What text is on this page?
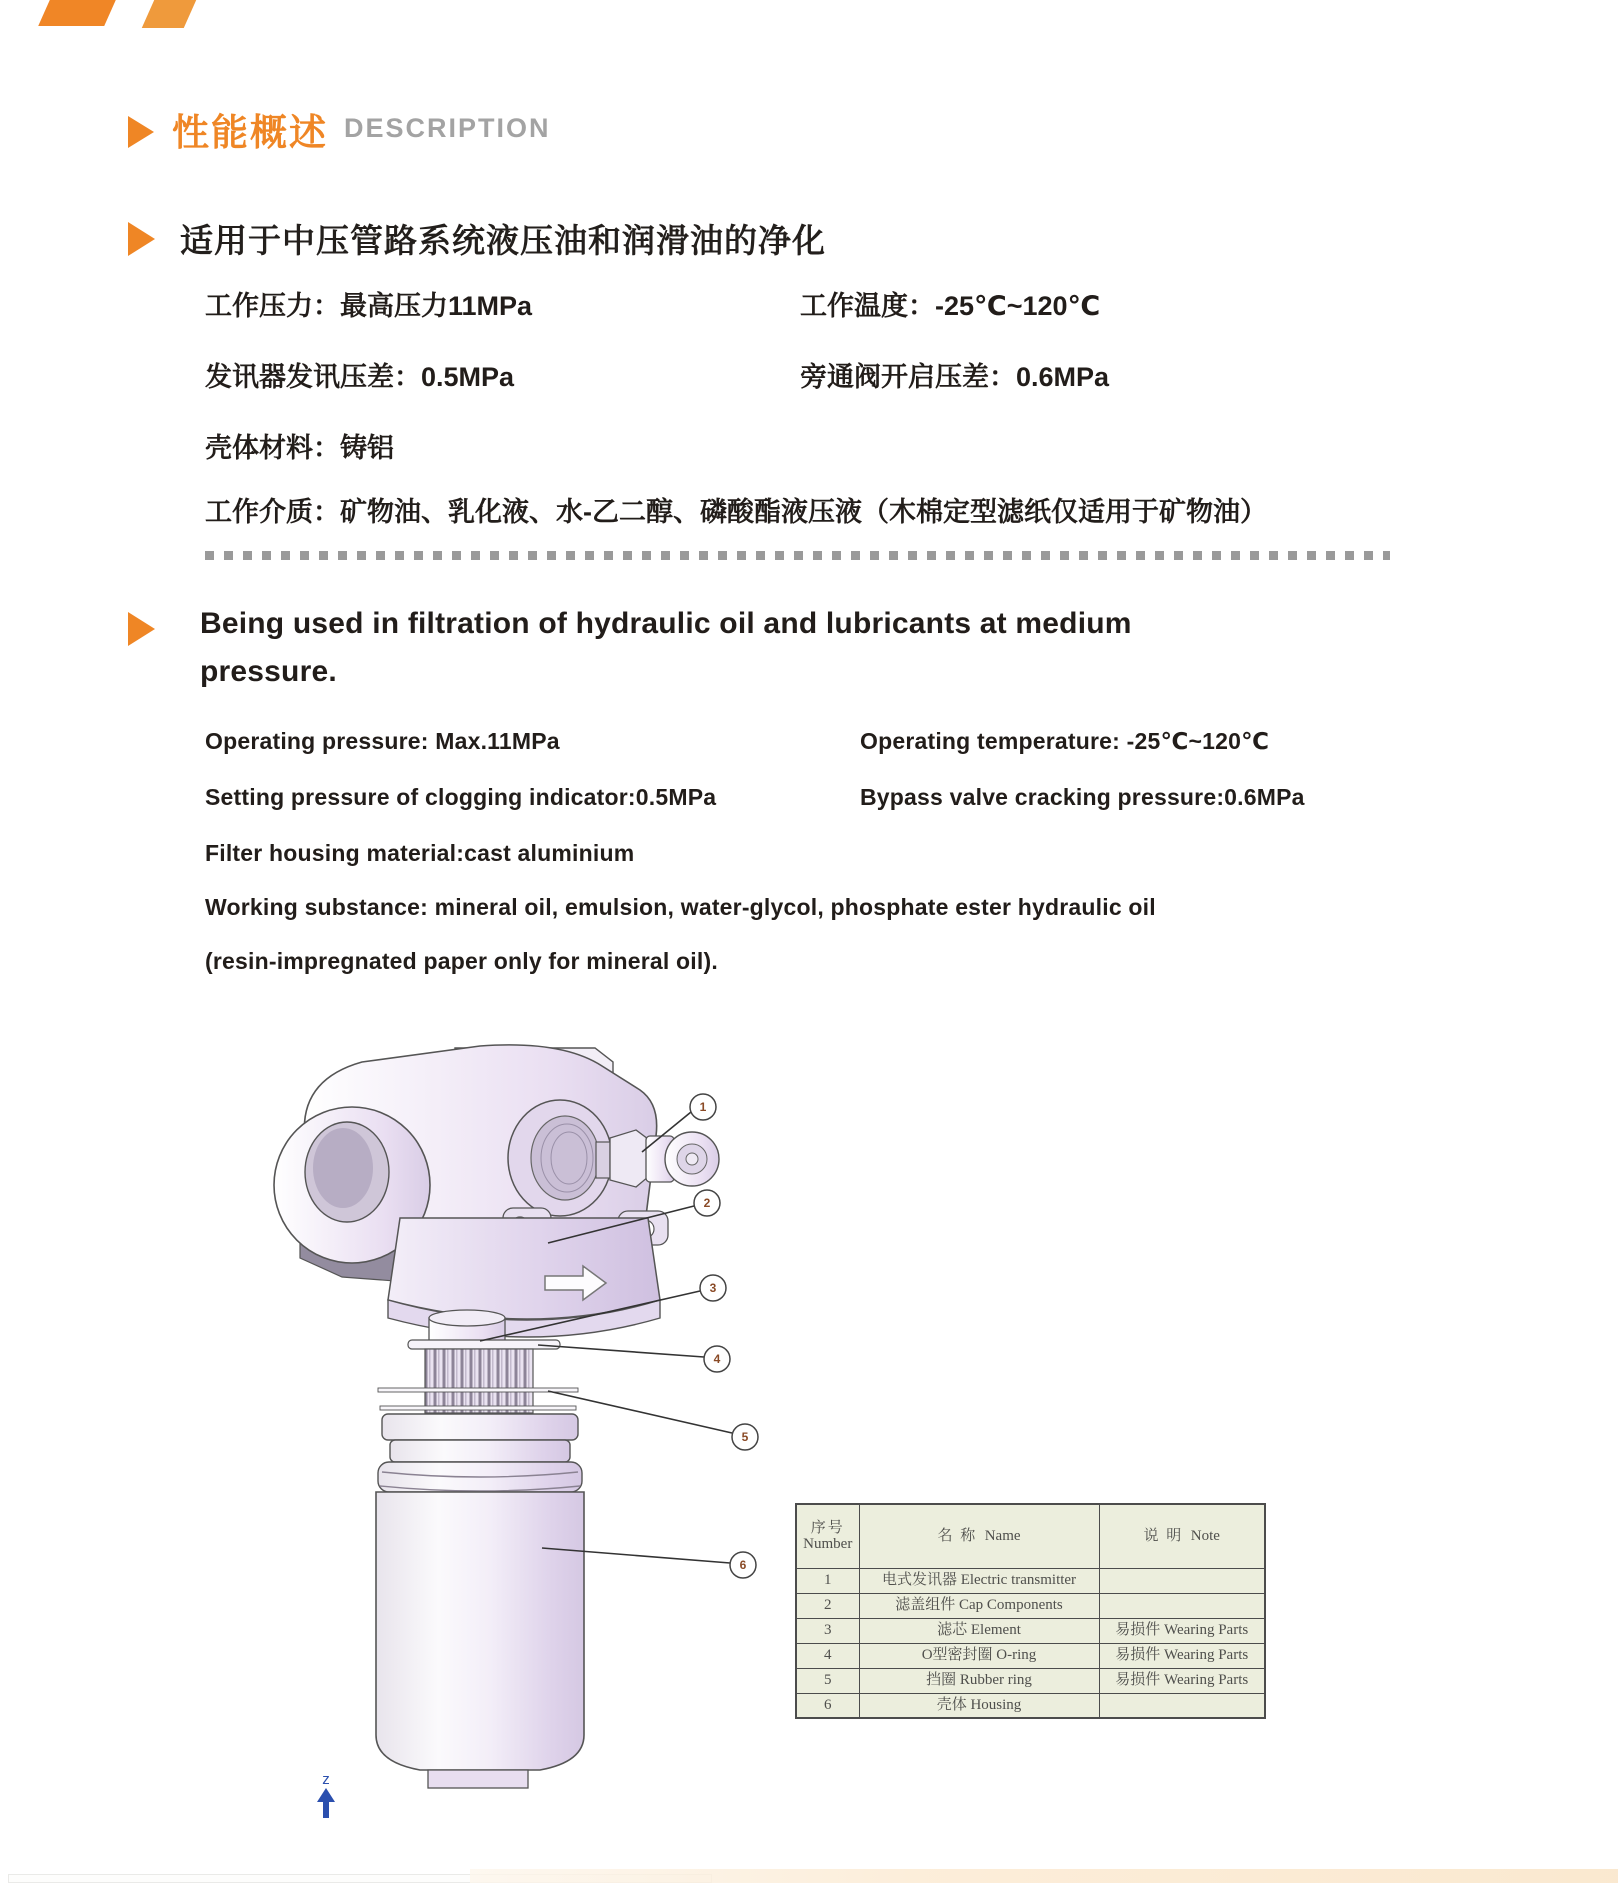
性能概述 DESCRIPTION
适用于中压管路系统液压油和润滑油的净化
工作压力：最高压力11MPa	工作温度：-25℃~120℃
发讯器发讯压差：0.5MPa	旁通阀开启压差：0.6MPa
壳体材料：铸铝
工作介质：矿物油、乳化液、水-乙二醇、磷酸酯液压液（木棉定型滤纸仅适用于矿物油）
Being used in filtration of hydraulic oil and lubricants at medium pressure.
Operating pressure: Max.11MPa	Operating temperature: -25℃~120℃
Setting pressure of clogging indicator:0.5MPa	Bypass valve cracking pressure:0.6MPa
Filter housing material:cast aluminium
Working substance: mineral oil, emulsion, water-glycol, phosphate ester hydraulic oil
(resin-impregnated paper only for mineral oil).
1
2
3
4
5
6
z
序号
Number	名 称 Name	说 明 Note
1	电式发讯器 Electric transmitter	
2	滤盖组件 Cap Components	
3	滤芯 Element	易损件 Wearing Parts
4	O型密封圈 O-ring	易损件 Wearing Parts
5	挡圈 Rubber ring	易损件 Wearing Parts
6	壳体 Housing	
